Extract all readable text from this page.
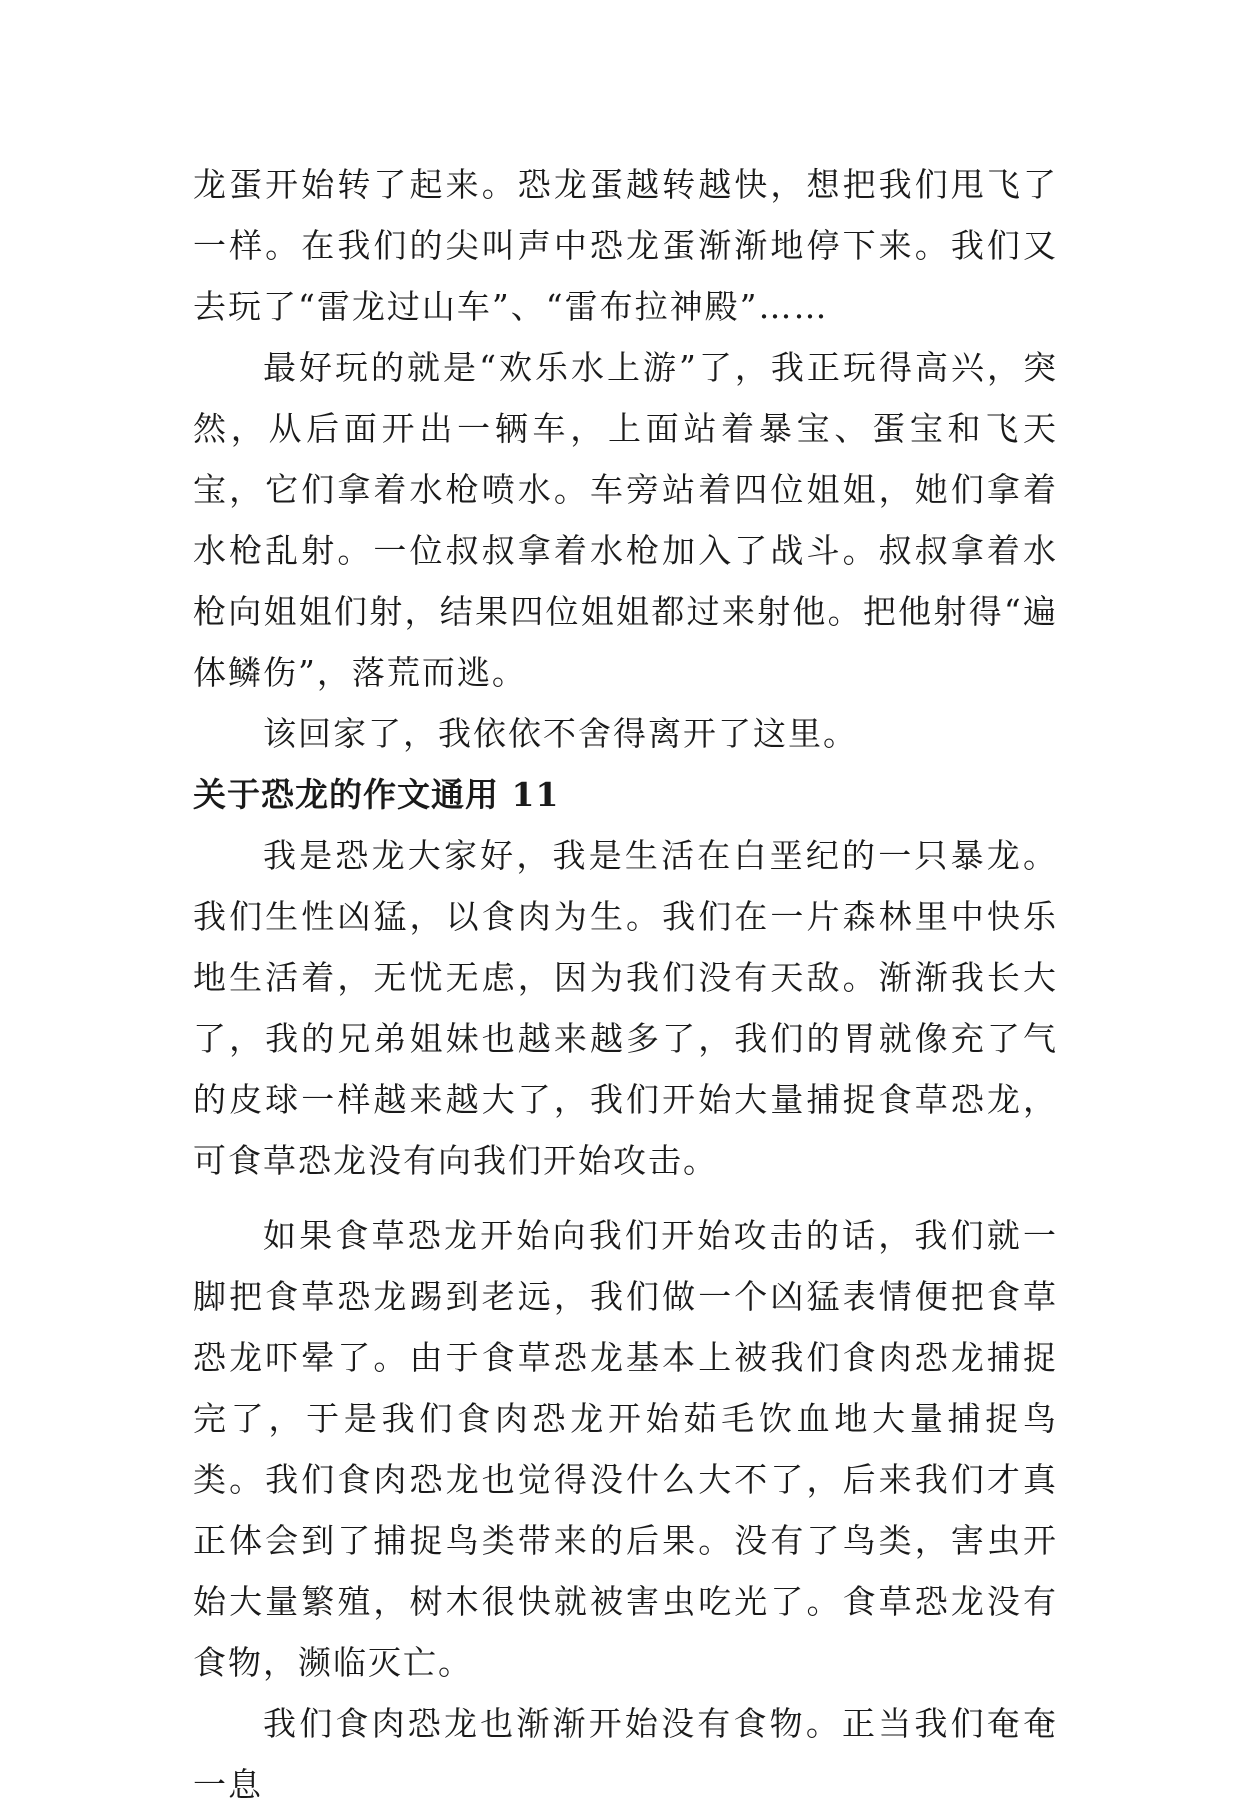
龙蛋开始转了起来。恐龙蛋越转越快，想把我们甩飞了一样。在我们的尖叫声中恐龙蛋渐渐地停下来。我们又去玩了“雷龙过山车”、“雷布拉神殿”……

最好玩的就是“欢乐水上游”了，我正玩得高兴，突然，从后面开出一辆车，上面站着暴宝、蛋宝和飞天宝，它们拿着水枪喷水。车旁站着四位姐姐，她们拿着水枪乱射。一位叔叔拿着水枪加入了战斗。叔叔拿着水枪向姐姐们射，结果四位姐姐都过来射他。把他射得“遍体鳞伤”，落荒而逃。

该回家了，我依依不舍得离开了这里。

关于恐龙的作文通用 11

我是恐龙大家好，我是生活在白垩纪的一只暴龙。我们生性凶猛，以食肉为生。我们在一片森林里中快乐地生活着，无忧无虑，因为我们没有天敌。渐渐我长大了，我的兄弟姐妹也越来越多了，我们的胃就像充了气的皮球一样越来越大了，我们开始大量捕捉食草恐龙，可食草恐龙没有向我们开始攻击。

如果食草恐龙开始向我们开始攻击的话，我们就一脚把食草恐龙踢到老远，我们做一个凶猛表情便把食草恐龙吓晕了。由于食草恐龙基本上被我们食肉恐龙捕捉完了，于是我们食肉恐龙开始茹毛饮血地大量捕捉鸟类。我们食肉恐龙也觉得没什么大不了，后来我们才真正体会到了捕捉鸟类带来的后果。没有了鸟类，害虫开始大量繁殖，树木很快就被害虫吃光了。食草恐龙没有食物，濒临灭亡。

我们食肉恐龙也渐渐开始没有食物。正当我们奄奄一息
